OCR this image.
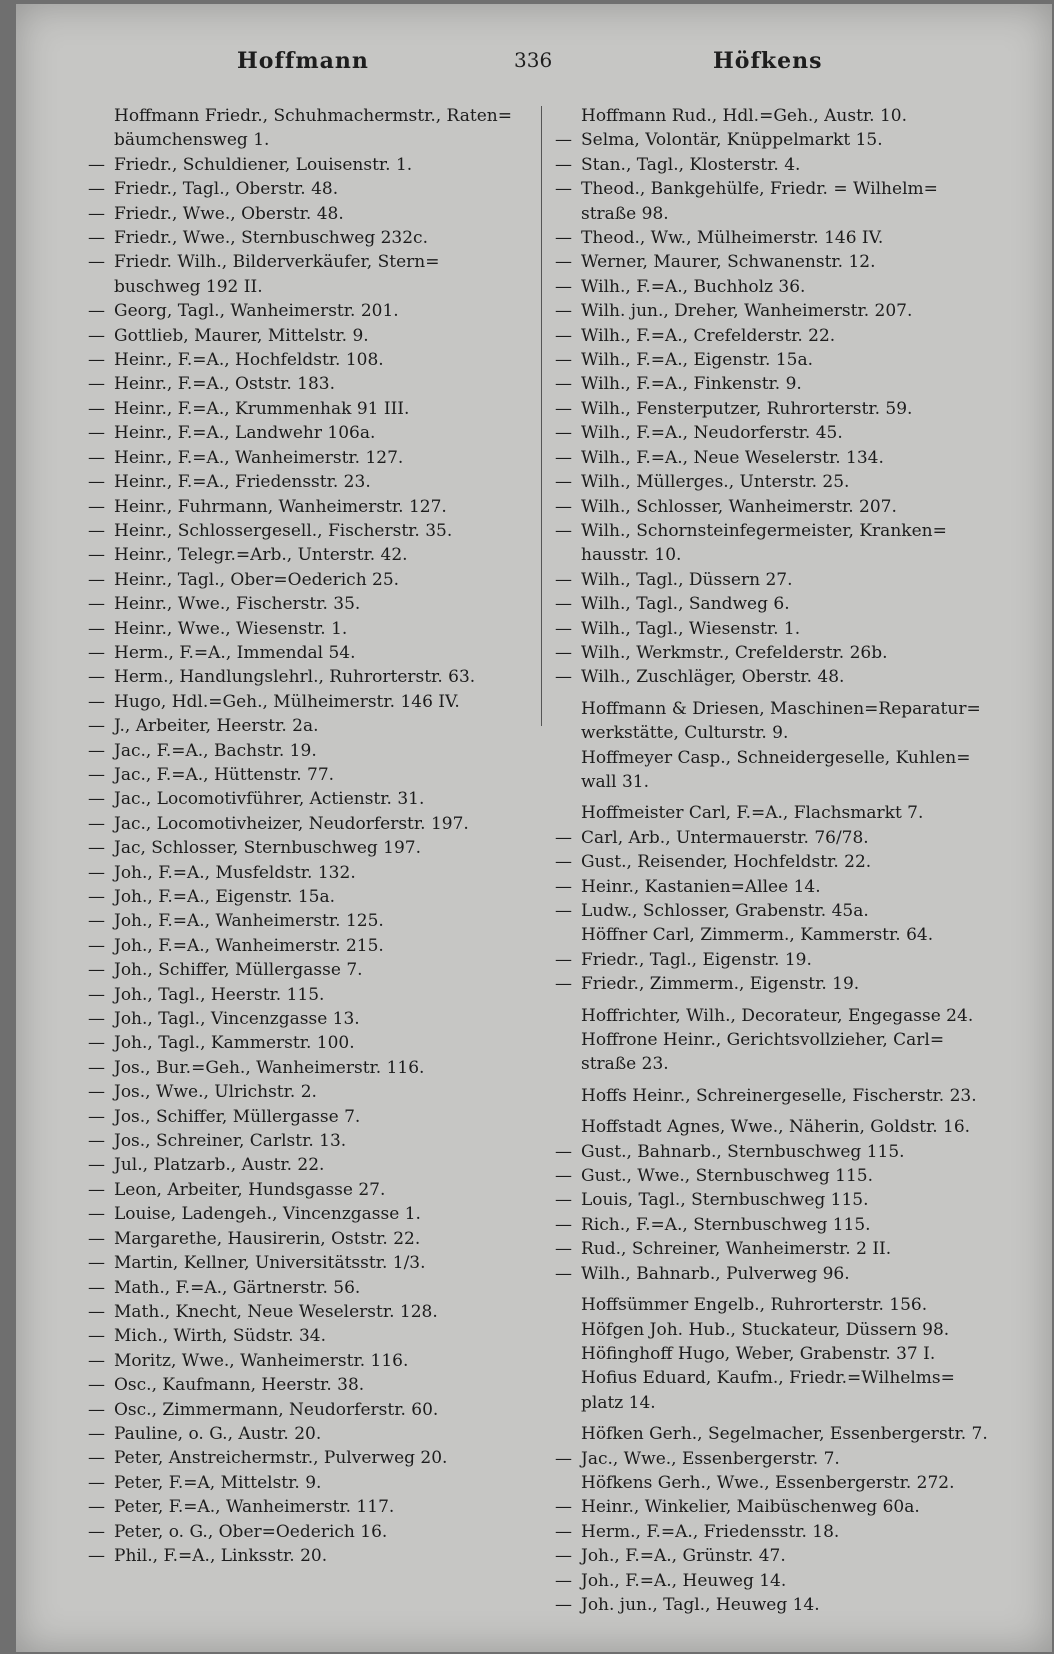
Hoffmann	336	Höfkens
Hoffmann Friedr., Schuhmachermstr., Raten=
bäumchensweg 1.
— Friedr., Schuldiener, Louisenstr. 1.
— Friedr., Tagl., Oberstr. 48.
— Friedr., Wwe., Oberstr. 48.
— Friedr., Wwe., Sternbuschweg 232c.
— Friedr. Wilh., Bilderverkäufer, Stern=
buschweg 192 II.
— Georg, Tagl., Wanheimerstr. 201.
— Gottlieb, Maurer, Mittelstr. 9.
— Heinr., F.=A., Hochfeldstr. 108.
— Heinr., F.=A., Oststr. 183.
— Heinr., F.=A., Krummenhak 91 III.
— Heinr., F.=A., Landwehr 106a.
— Heinr., F.=A., Wanheimerstr. 127.
— Heinr., F.=A., Friedensstr. 23.
— Heinr., Fuhrmann, Wanheimerstr. 127.
— Heinr., Schlossergesell., Fischerstr. 35.
— Heinr., Telegr.=Arb., Unterstr. 42.
— Heinr., Tagl., Ober=Oederich 25.
— Heinr., Wwe., Fischerstr. 35.
— Heinr., Wwe., Wiesenstr. 1.
— Herm., F.=A., Immendal 54.
— Herm., Handlungslehrl., Ruhrorterstr. 63.
— Hugo, Hdl.=Geh., Mülheimerstr. 146 IV.
— J., Arbeiter, Heerstr. 2a.
— Jac., F.=A., Bachstr. 19.
— Jac., F.=A., Hüttenstr. 77.
— Jac., Locomotivführer, Actienstr. 31.
— Jac., Locomotivheizer, Neudorferstr. 197.
— Jac, Schlosser, Sternbuschweg 197.
— Joh., F.=A., Musfeldstr. 132.
— Joh., F.=A., Eigenstr. 15a.
— Joh., F.=A., Wanheimerstr. 125.
— Joh., F.=A., Wanheimerstr. 215.
— Joh., Schiffer, Müllergasse 7.
— Joh., Tagl., Heerstr. 115.
— Joh., Tagl., Vincenzgasse 13.
— Joh., Tagl., Kammerstr. 100.
— Jos., Bur.=Geh., Wanheimerstr. 116.
— Jos., Wwe., Ulrichstr. 2.
— Jos., Schiffer, Müllergasse 7.
— Jos., Schreiner, Carlstr. 13.
— Jul., Platzarb., Austr. 22.
— Leon, Arbeiter, Hundsgasse 27.
— Louise, Ladengeh., Vincenzgasse 1.
— Margarethe, Hausirerin, Oststr. 22.
— Martin, Kellner, Universitätsstr. 1/3.
— Math., F.=A., Gärtnerstr. 56.
— Math., Knecht, Neue Weselerstr. 128.
— Mich., Wirth, Südstr. 34.
— Moritz, Wwe., Wanheimerstr. 116.
— Osc., Kaufmann, Heerstr. 38.
— Osc., Zimmermann, Neudorferstr. 60.
— Pauline, o. G., Austr. 20.
— Peter, Anstreichermstr., Pulverweg 20.
— Peter, F.=A, Mittelstr. 9.
— Peter, F.=A., Wanheimerstr. 117.
— Peter, o. G., Ober=Oederich 16.
— Phil., F.=A., Linksstr. 20.
Hoffmann Rud., Hdl.=Geh., Austr. 10.
— Selma, Volontär, Knüppelmarkt 15.
— Stan., Tagl., Klosterstr. 4.
— Theod., Bankgehülfe, Friedr. = Wilhelm=
straße 98.
— Theod., Ww., Mülheimerstr. 146 IV.
— Werner, Maurer, Schwanenstr. 12.
— Wilh., F.=A., Buchholz 36.
— Wilh. jun., Dreher, Wanheimerstr. 207.
— Wilh., F.=A., Crefelderstr. 22.
— Wilh., F.=A., Eigenstr. 15a.
— Wilh., F.=A., Finkenstr. 9.
— Wilh., Fensterputzer, Ruhrorterstr. 59.
— Wilh., F.=A., Neudorferstr. 45.
— Wilh., F.=A., Neue Weselerstr. 134.
— Wilh., Müllerges., Unterstr. 25.
— Wilh., Schlosser, Wanheimerstr. 207.
— Wilh., Schornsteinfegermeister, Kranken=
hausstr. 10.
— Wilh., Tagl., Düssern 27.
— Wilh., Tagl., Sandweg 6.
— Wilh., Tagl., Wiesenstr. 1.
— Wilh., Werkmstr., Crefelderstr. 26b.
— Wilh., Zuschläger, Oberstr. 48.
Hoffmann & Driesen, Maschinen=Reparatur=
werkstätte, Culturstr. 9.
Hoffmeyer Casp., Schneidergeselle, Kuhlen=
wall 31.
Hoffmeister Carl, F.=A., Flachsmarkt 7.
— Carl, Arb., Untermauerstr. 76/78.
— Gust., Reisender, Hochfeldstr. 22.
— Heinr., Kastanien=Allee 14.
— Ludw., Schlosser, Grabenstr. 45a.
Höffner Carl, Zimmerm., Kammerstr. 64.
— Friedr., Tagl., Eigenstr. 19.
— Friedr., Zimmerm., Eigenstr. 19.
Hoffrichter, Wilh., Decorateur, Engegasse 24.
Hoffrone Heinr., Gerichtsvollzieher, Carl=
straße 23.
Hoffs Heinr., Schreinergeselle, Fischerstr. 23.
Hoffstadt Agnes, Wwe., Näherin, Goldstr. 16.
— Gust., Bahnarb., Sternbuschweg 115.
— Gust., Wwe., Sternbuschweg 115.
— Louis, Tagl., Sternbuschweg 115.
— Rich., F.=A., Sternbuschweg 115.
— Rud., Schreiner, Wanheimerstr. 2 II.
— Wilh., Bahnarb., Pulverweg 96.
Hoffsümmer Engelb., Ruhrorterstr. 156.
Höfgen Joh. Hub., Stuckateur, Düssern 98.
Höfinghoff Hugo, Weber, Grabenstr. 37 I.
Hofius Eduard, Kaufm., Friedr.=Wilhelms=
platz 14.
Höfken Gerh., Segelmacher, Essenbergerstr. 7.
— Jac., Wwe., Essenbergerstr. 7.
Höfkens Gerh., Wwe., Essenbergerstr. 272.
— Heinr., Winkelier, Maibüschenweg 60a.
— Herm., F.=A., Friedensstr. 18.
— Joh., F.=A., Grünstr. 47.
— Joh., F.=A., Heuweg 14.
— Joh. jun., Tagl., Heuweg 14.
